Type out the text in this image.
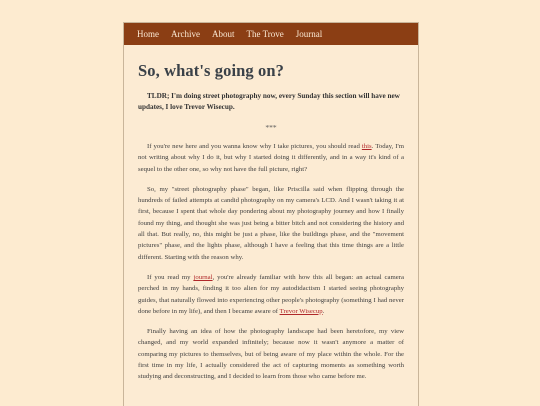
Home Archive About The Trove Journal
So, what's going on?

TLDR; I'm doing street photography now, every Sunday this section will have new updates, I love Trevor Wisecup.

***

If you're new here and you wanna know why I take pictures, you should read this. Today, I'm not writing about why I do it, but why I started doing it differently, and in a way it's kind of a sequel to the other one, so why not have the full picture, right?

So, my "street photography phase" began, like Priscilla said when flipping through the hundreds of failed attempts at candid photography on my camera's LCD. And I wasn't taking it at first, because I spent that whole day pondering about my photography journey and how I finally found my thing, and thought she was just being a bitter bitch and not considering the history and all that. But really, no, this might be just a phase, like the buildings phase, and the "movement pictures" phase, and the lights phase, although I have a feeling that this time things are a little different. Starting with the reason why.

If you read my journal, you're already familiar with how this all began: an actual camera perched in my hands, finding it too alien for my autodidactism I started seeing photography guides, that naturally flowed into experiencing other people's photography (something I had never done before in my life), and then I became aware of Trevor Wisecup.

Finally having an idea of how the photography landscape had been heretofore, my view changed, and my world expanded infinitely; because now it wasn't anymore a matter of comparing my pictures to themselves, but of being aware of my place within the whole. For the first time in my life, I actually considered the act of capturing moments as something worth studying and deconstructing, and I decided to learn from those who came before me.
